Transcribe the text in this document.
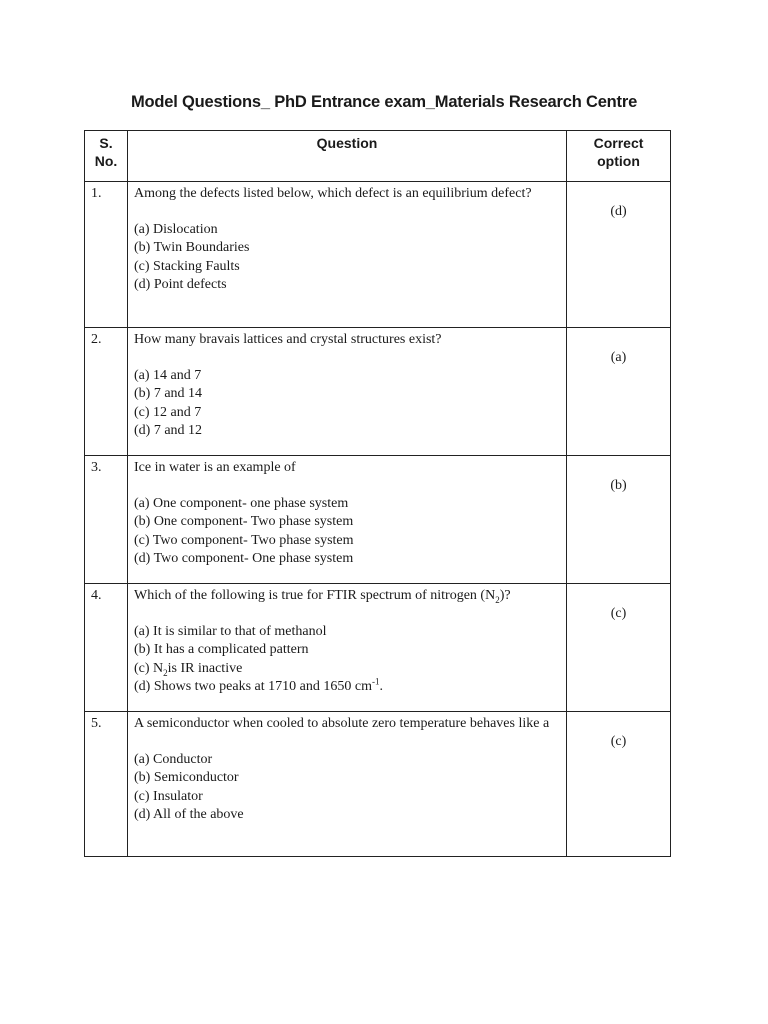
Model Questions_ PhD Entrance exam_Materials Research Centre
S.
No.	Question	Correct
option
1.	Among the defects listed below, which defect is an equilibrium defect?
(a) Dislocation
(b) Twin Boundaries
(c) Stacking Faults
(d) Point defects	(d)
2.	How many bravais lattices and crystal structures exist?
(a) 14 and 7
(b) 7 and 14
(c) 12 and 7
(d) 7 and 12	(a)
3.	Ice in water is an example of
(a) One component- one phase system
(b) One component- Two phase system
(c) Two component- Two phase system
(d) Two component- One phase system	(b)
4.	Which of the following is true for FTIR spectrum of nitrogen $(N_2)$?
(a) It is similar to that of methanol
(b) It has a complicated pattern
(c) $N_2is$ IR inactive
(d) Shows two peaks at 1710 and 1650 $cm^{-1}$.	(c)
5.	A semiconductor when cooled to absolute zero temperature behaves like a
(a) Conductor
(b) Semiconductor
(c) Insulator
(d) All of the above	(c)
